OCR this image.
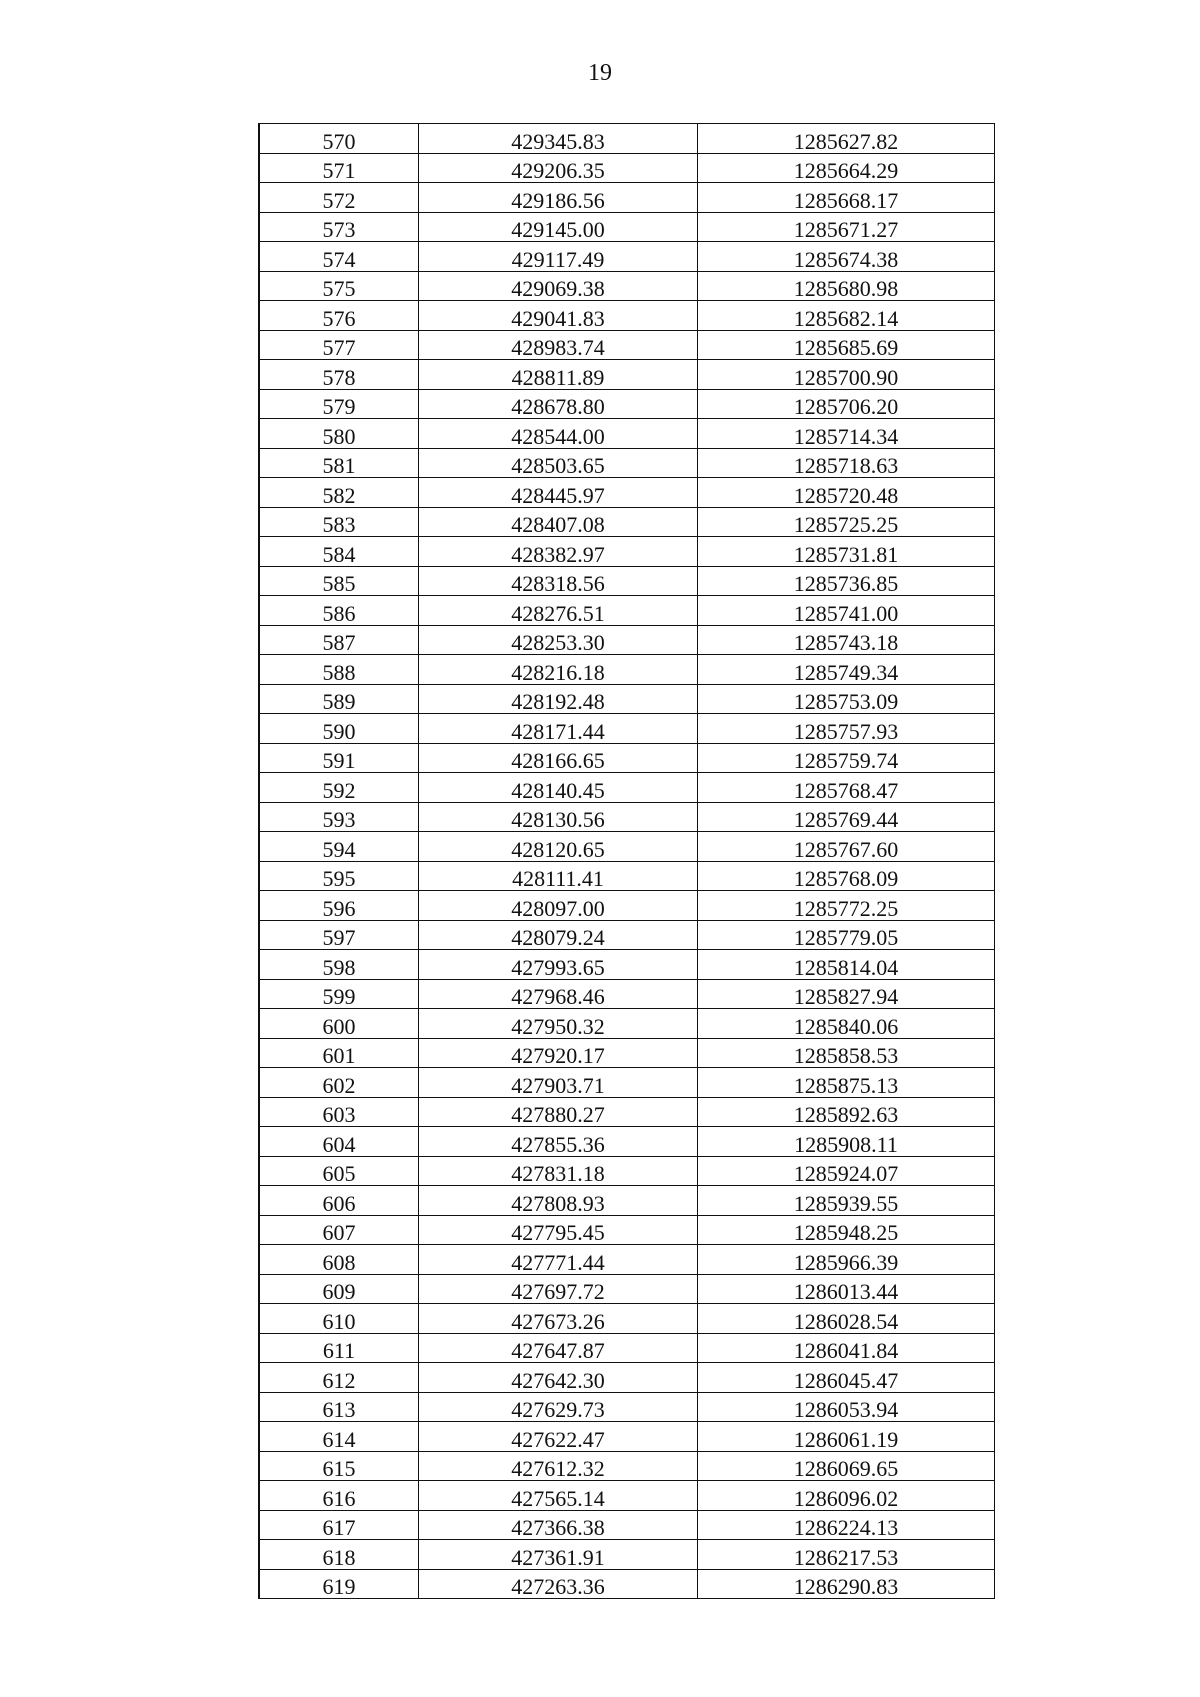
19
570	429345.83	1285627.82
571	429206.35	1285664.29
572	429186.56	1285668.17
573	429145.00	1285671.27
574	429117.49	1285674.38
575	429069.38	1285680.98
576	429041.83	1285682.14
577	428983.74	1285685.69
578	428811.89	1285700.90
579	428678.80	1285706.20
580	428544.00	1285714.34
581	428503.65	1285718.63
582	428445.97	1285720.48
583	428407.08	1285725.25
584	428382.97	1285731.81
585	428318.56	1285736.85
586	428276.51	1285741.00
587	428253.30	1285743.18
588	428216.18	1285749.34
589	428192.48	1285753.09
590	428171.44	1285757.93
591	428166.65	1285759.74
592	428140.45	1285768.47
593	428130.56	1285769.44
594	428120.65	1285767.60
595	428111.41	1285768.09
596	428097.00	1285772.25
597	428079.24	1285779.05
598	427993.65	1285814.04
599	427968.46	1285827.94
600	427950.32	1285840.06
601	427920.17	1285858.53
602	427903.71	1285875.13
603	427880.27	1285892.63
604	427855.36	1285908.11
605	427831.18	1285924.07
606	427808.93	1285939.55
607	427795.45	1285948.25
608	427771.44	1285966.39
609	427697.72	1286013.44
610	427673.26	1286028.54
611	427647.87	1286041.84
612	427642.30	1286045.47
613	427629.73	1286053.94
614	427622.47	1286061.19
615	427612.32	1286069.65
616	427565.14	1286096.02
617	427366.38	1286224.13
618	427361.91	1286217.53
619	427263.36	1286290.83
